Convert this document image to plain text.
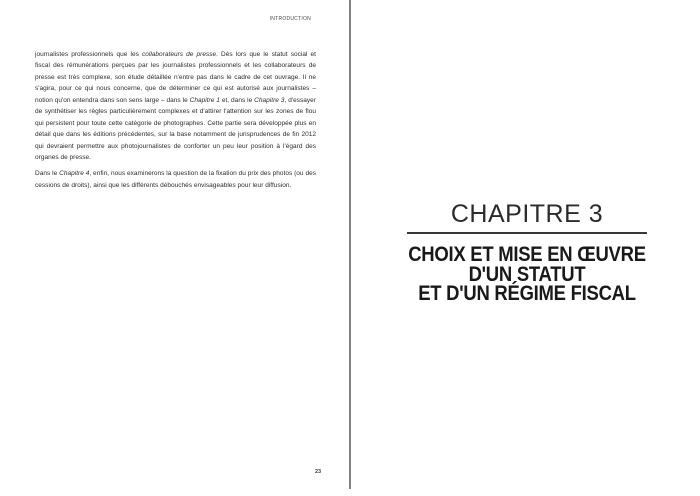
INTRODUCTION

journalistes professionnels que les collaborateurs de presse. Dès lors que le statut social et fiscal des rémunérations perçues par les journalistes professionnels et les collaborateurs de presse est très complexe, son étude détaillée n'entre pas dans le cadre de cet ouvrage. Il ne s'agira, pour ce qui nous concerne, que de déterminer ce qui est autorisé aux journalistes – notion qu'on entendra dans son sens large – dans le Chapitre 1 et, dans le Chapitre 3, d'essayer de synthétiser les règles particulièrement complexes et d'attirer l'attention sur les zones de flou qui persistent pour toute cette catégorie de photographes. Cette partie sera développée plus en détail que dans les éditions précédentes, sur la base notamment de jurisprudences de fin 2012 qui devraient permettre aux photojournalistes de conforter un peu leur position à l'égard des organes de presse.

Dans le Chapitre 4, enfin, nous examinerons la question de la fixation du prix des photos (ou des cessions de droits), ainsi que les différents débouchés envisageables pour leur diffusion.

23
CHAPITRE 3
CHOIX ET MISE EN ŒUVRE
D'UN STATUT
ET D'UN RÉGIME FISCAL
